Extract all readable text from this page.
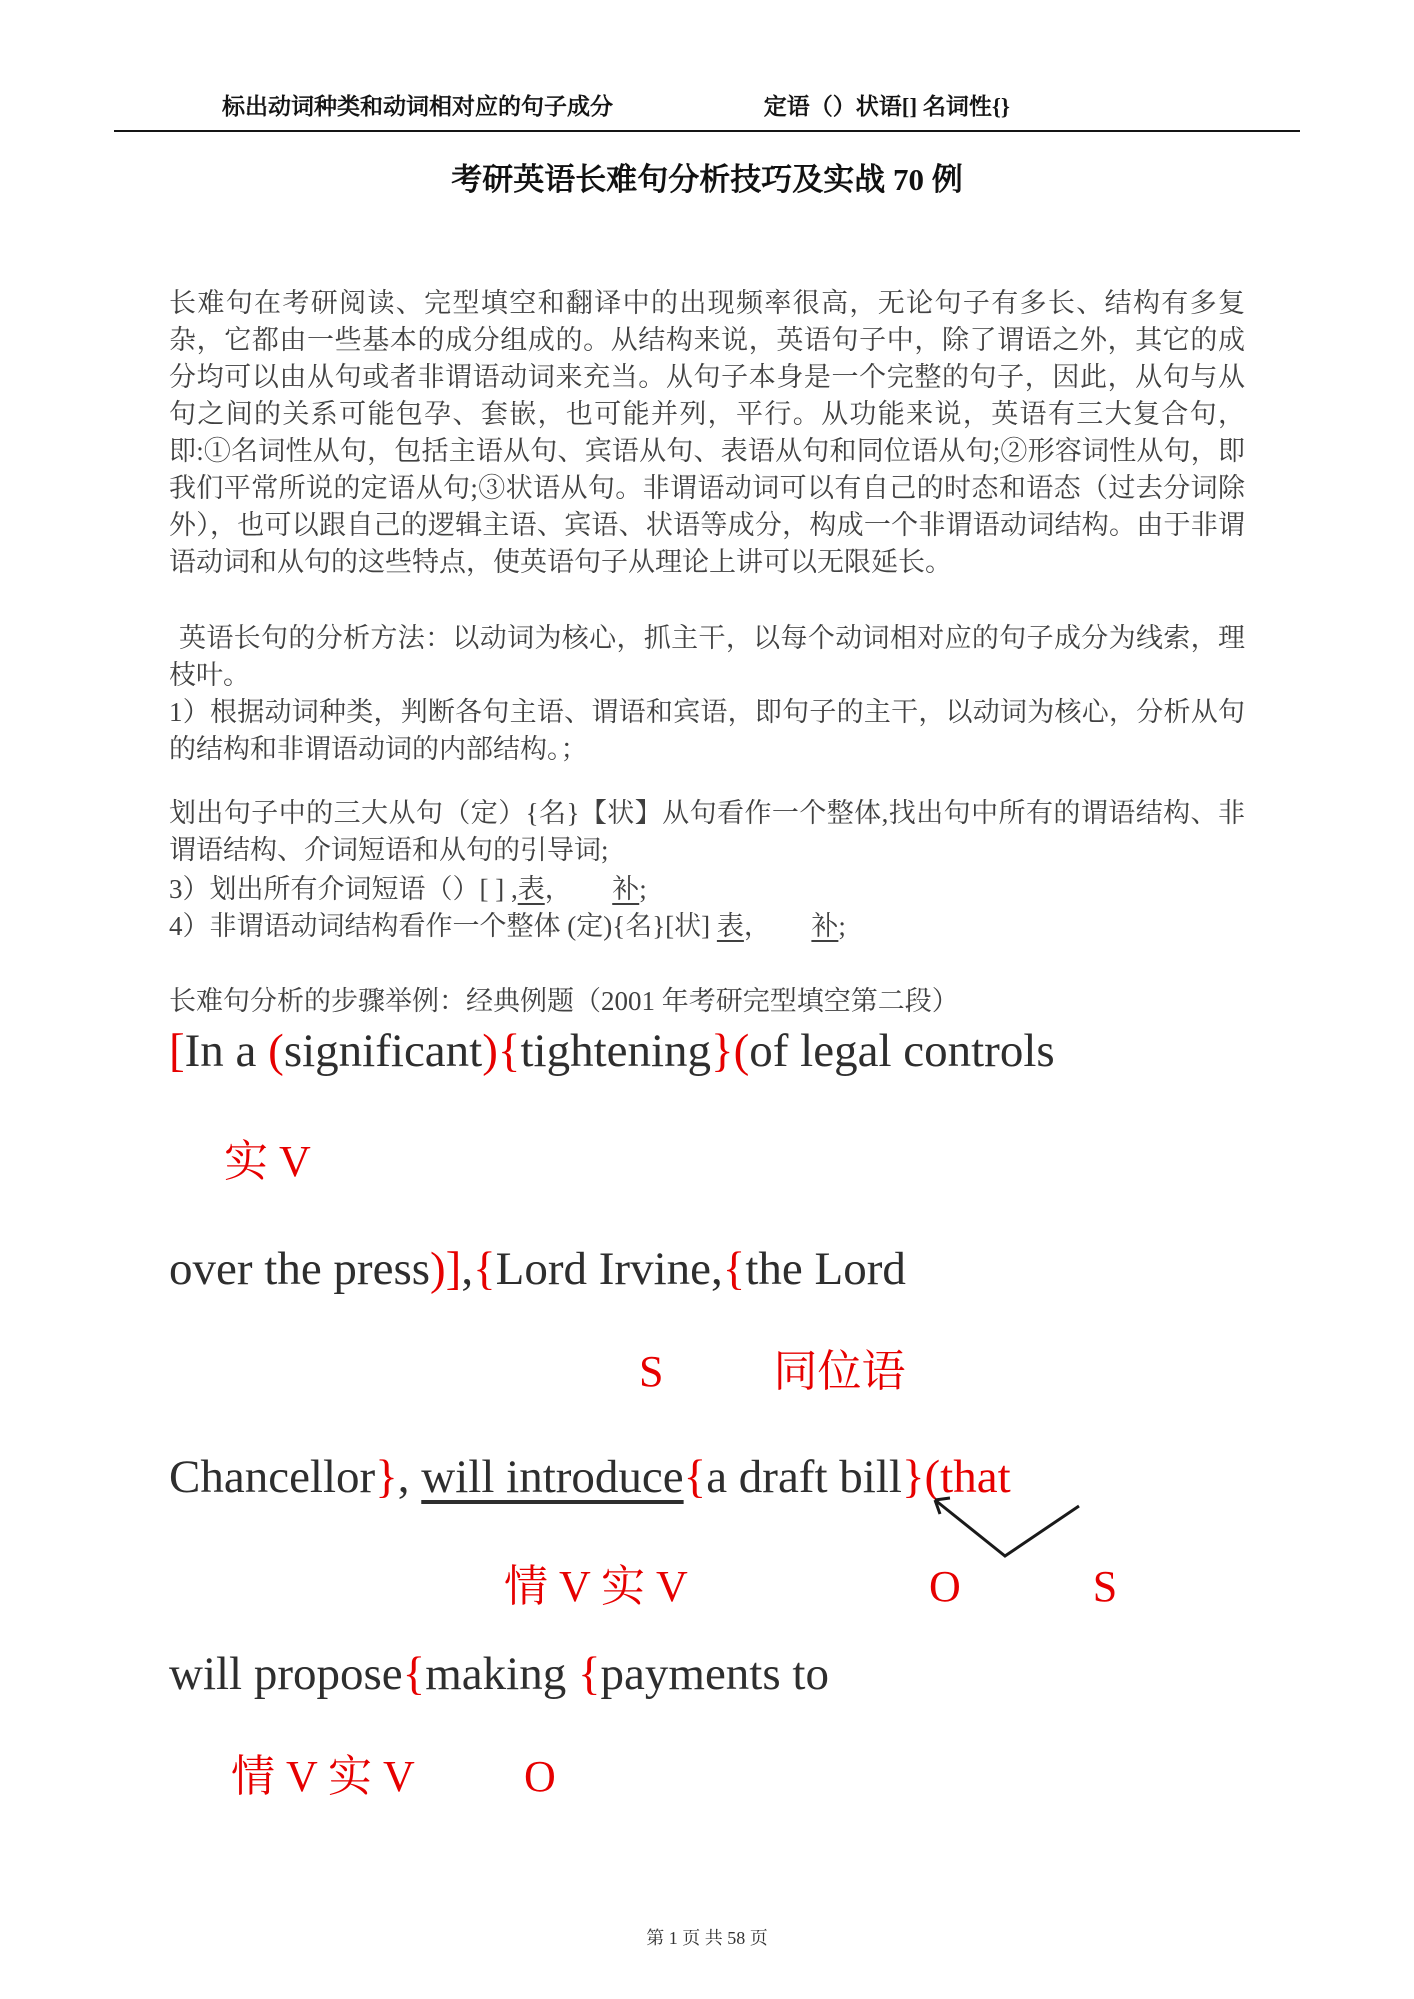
标出动词种类和动词相对应的句子成分	定语（）状语[] 名词性{}
考研英语长难句分析技巧及实战 70 例

长难句在考研阅读、完型填空和翻译中的出现频率很高，无论句子有多长、结构有多复杂，它都由一些基本的成分组成的。从结构来说，英语句子中，除了谓语之外，其它的成分均可以由从句或者非谓语动词来充当。从句子本身是一个完整的句子，因此，从句与从句之间的关系可能包孕、套嵌，也可能并列，平行。从功能来说，英语有三大复合句，即:①名词性从句，包括主语从句、宾语从句、表语从句和同位语从句;②形容词性从句，即我们平常所说的定语从句;③状语从句。非谓语动词可以有自己的时态和语态（过去分词除外），也可以跟自己的逻辑主语、宾语、状语等成分，构成一个非谓语动词结构。由于非谓语动词和从句的这些特点，使英语句子从理论上讲可以无限延长。

英语长句的分析方法：以动词为核心，抓主干，以每个动词相对应的句子成分为线索，理枝叶。

1）根据动词种类，判断各句主语、谓语和宾语，即句子的主干，以动词为核心，分析从句的结构和非谓语动词的内部结构。；

划出句子中的三大从句（定）{名}【状】从句看作一个整体,找出句中所有的谓语结构、非谓语结构、介词短语和从句的引导词;

3）划出所有介词短语（）[ ] ,表，      补;

4）非谓语动词结构看作一个整体 (定){名}[状] 表，      补;

长难句分析的步骤举例：经典例题（2001 年考研完型填空第二段）

[In a (significant){tightening}(of legal controls
实 V
over the press)],{Lord Irvine,{the Lord
S          同位语
Chancellor}, will introduce{a draft bill}(that
情 V 实 V                      O            S
will propose{making {payments to
情 V 实 V          O
第 1 页 共 58 页
